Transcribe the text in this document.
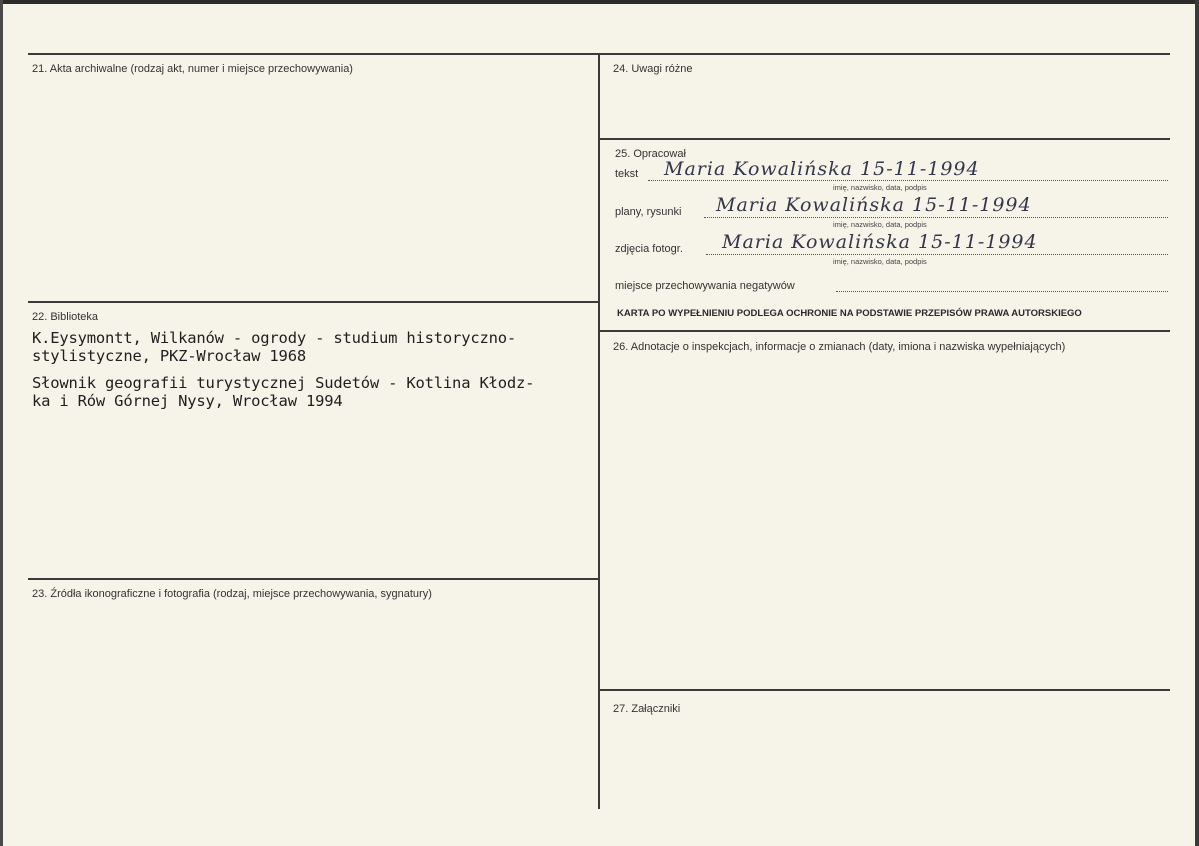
21. Akta archiwalne (rodzaj akt, numer i miejsce przechowywania)
22. Biblioteka
K.Eysymontt, Wilkanów - ogrody - studium historyczno-
stylistyczne, PKZ-Wrocław 1968
Słownik geografii turystycznej Sudetów - Kotlina Kłodz-
ka i Rów Górnej Nysy, Wrocław 1994
23. Źródła ikonograficzne i fotografia (rodzaj, miejsce przechowywania, sygnatury)
24. Uwagi różne
25. Opracował
tekst Maria Kowalińska 15-11-1994
imię, nazwisko, data, podpis
plany, rysunki Maria Kowalińska 15-11-1994
imię, nazwisko, data, podpis
zdjęcia fotogr. Maria Kowalińska 15-11-1994
imię, nazwisko, data, podpis
miejsce przechowywania negatywów
KARTA PO WYPEŁNIENIU PODLEGA OCHRONIE NA PODSTAWIE PRZEPISÓW PRAWA AUTORSKIEGO
26. Adnotacje o inspekcjach, informacje o zmianach (daty, imiona i nazwiska wypełniających)
27. Załączniki
